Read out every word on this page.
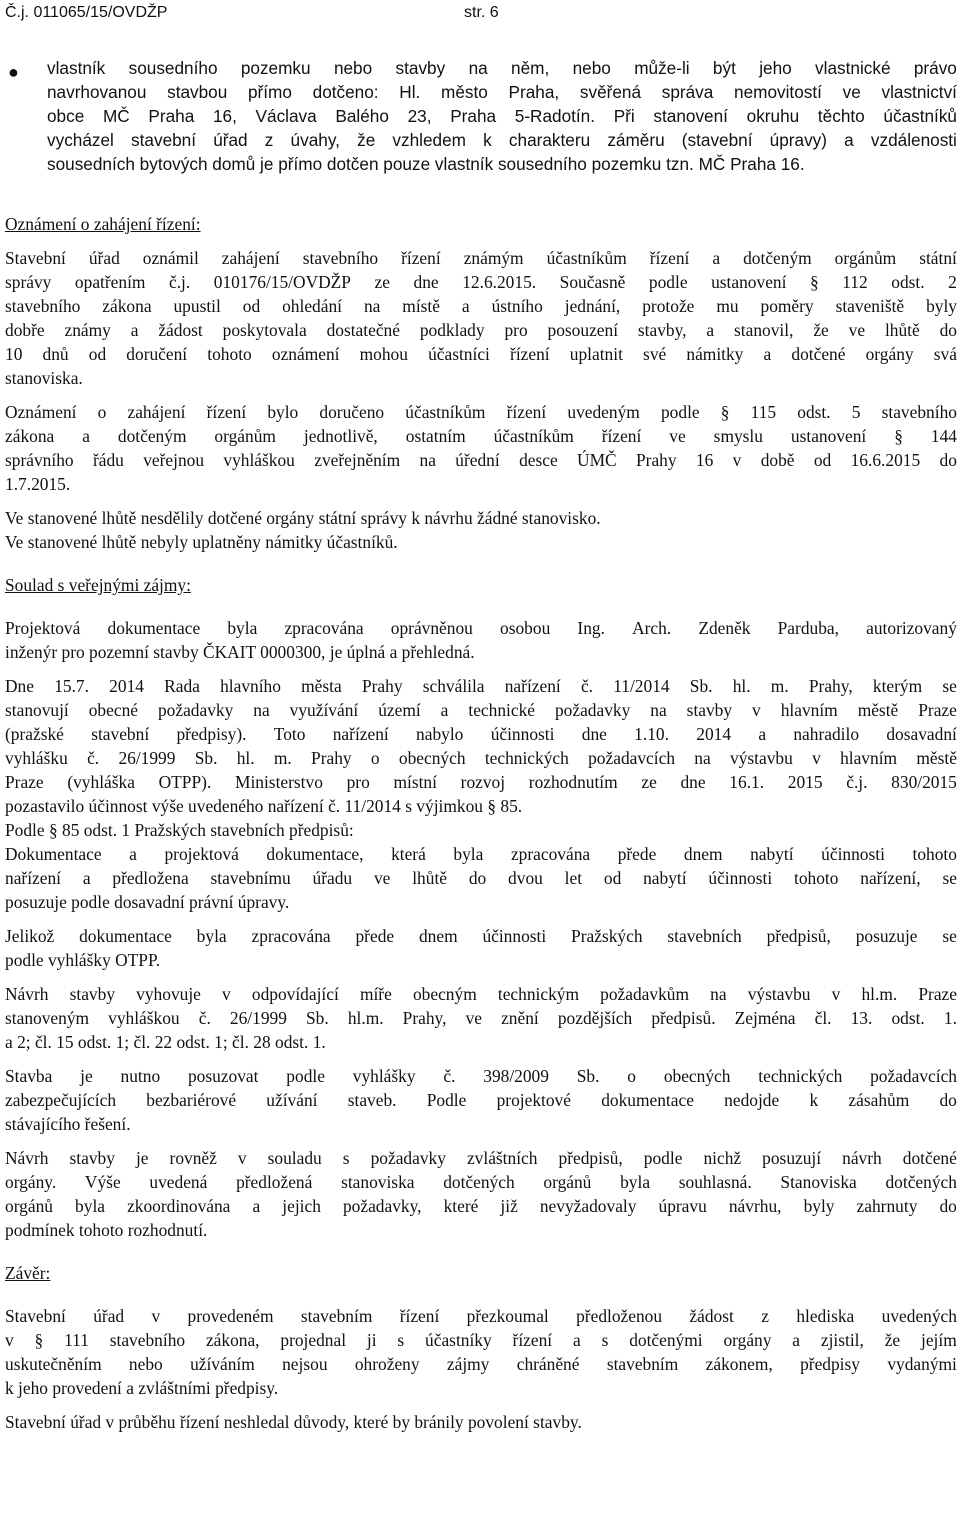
Č.j. 011065/15/OVDŽP	str. 6
● vlastník sousedního pozemku nebo stavby na něm, nebo může-li být jeho vlastnické právo
navrhovanou stavbou přímo dotčeno: Hl. město Praha, svěřená správa nemovitostí ve vlastnictví
obce MČ Praha 16, Václava Balého 23, Praha 5-Radotín. Při stanovení okruhu těchto účastníků
vycházel stavební úřad z úvahy, že vzhledem k charakteru záměru (stavební úpravy) a vzdálenosti
sousedních bytových domů je přímo dotčen pouze vlastník sousedního pozemku tzn. MČ Praha 16.
Oznámení o zahájení řízení:
Stavební úřad oznámil zahájení stavebního řízení známým účastníkům řízení a dotčeným orgánům státní
správy opatřením č.j. 010176/15/OVDŽP ze dne 12.6.2015. Současně podle ustanovení § 112 odst. 2
stavebního zákona upustil od ohledání na místě a ústního jednání, protože mu poměry staveniště byly
dobře známy a žádost poskytovala dostatečné podklady pro posouzení stavby, a stanovil, že ve lhůtě do
10 dnů od doručení tohoto oznámení mohou účastníci řízení uplatnit své námitky a dotčené orgány svá
stanoviska.
Oznámení o zahájení řízení bylo doručeno účastníkům řízení uvedeným podle § 115 odst. 5 stavebního
zákona a dotčeným orgánům jednotlivě, ostatním účastníkům řízení ve smyslu ustanovení § 144
správního řádu veřejnou vyhláškou zveřejněním na úřední desce ÚMČ Prahy 16 v době od 16.6.2015 do
1.7.2015.
Ve stanovené lhůtě nesdělily dotčené orgány státní správy k návrhu žádné stanovisko.
Ve stanovené lhůtě nebyly uplatněny námitky účastníků.
Soulad s veřejnými zájmy:
Projektová dokumentace byla zpracována oprávněnou osobou Ing. Arch. Zdeněk Parduba, autorizovaný
inženýr pro pozemní stavby ČKAIT 0000300, je úplná a přehledná.
Dne 15.7. 2014 Rada hlavního města Prahy schválila nařízení č. 11/2014 Sb. hl. m. Prahy, kterým se
stanovují obecné požadavky na využívání území a technické požadavky na stavby v hlavním městě Praze
(pražské stavební předpisy). Toto nařízení nabylo účinnosti dne 1.10. 2014 a nahradilo dosavadní
vyhlášku č. 26/1999 Sb. hl. m. Prahy o obecných technických požadavcích na výstavbu v hlavním městě
Praze (vyhláška OTPP). Ministerstvo pro místní rozvoj rozhodnutím ze dne 16.1. 2015 č.j. 830/2015
pozastavilo účinnost výše uvedeného nařízení č. 11/2014 s výjimkou § 85.
Podle § 85 odst. 1 Pražských stavebních předpisů:
Dokumentace a projektová dokumentace, která byla zpracována přede dnem nabytí účinnosti tohoto
nařízení a předložena stavebnímu úřadu ve lhůtě do dvou let od nabytí účinnosti tohoto nařízení, se
posuzuje podle dosavadní právní úpravy.
Jelikož dokumentace byla zpracována přede dnem účinnosti Pražských stavebních předpisů, posuzuje se
podle vyhlášky OTPP.
Návrh stavby vyhovuje v odpovídající míře obecným technickým požadavkům na výstavbu v hl.m. Praze
stanoveným vyhláškou č. 26/1999 Sb. hl.m. Prahy, ve znění pozdějších předpisů. Zejména čl. 13. odst. 1.
a 2; čl. 15 odst. 1; čl. 22 odst. 1; čl. 28 odst. 1.
Stavba je nutno posuzovat podle vyhlášky č. 398/2009 Sb. o obecných technických požadavcích
zabezpečujících bezbariérové užívání staveb. Podle projektové dokumentace nedojde k zásahům do
stávajícího řešení.
Návrh stavby je rovněž v souladu s požadavky zvláštních předpisů, podle nichž posuzují návrh dotčené
orgány. Výše uvedená předložená stanoviska dotčených orgánů byla souhlasná. Stanoviska dotčených
orgánů byla zkoordinována a jejich požadavky, které již nevyžadovaly úpravu návrhu, byly zahrnuty do
podmínek tohoto rozhodnutí.
Závěr:
Stavební úřad v provedeném stavebním řízení přezkoumal předloženou žádost z hlediska uvedených
v § 111 stavebního zákona, projednal ji s účastníky řízení a s dotčenými orgány a zjistil, že jejím
uskutečněním nebo užíváním nejsou ohroženy zájmy chráněné stavebním zákonem, předpisy vydanými
k jeho provedení a zvláštními předpisy.
Stavební úřad v průběhu řízení neshledal důvody, které by bránily povolení stavby.
